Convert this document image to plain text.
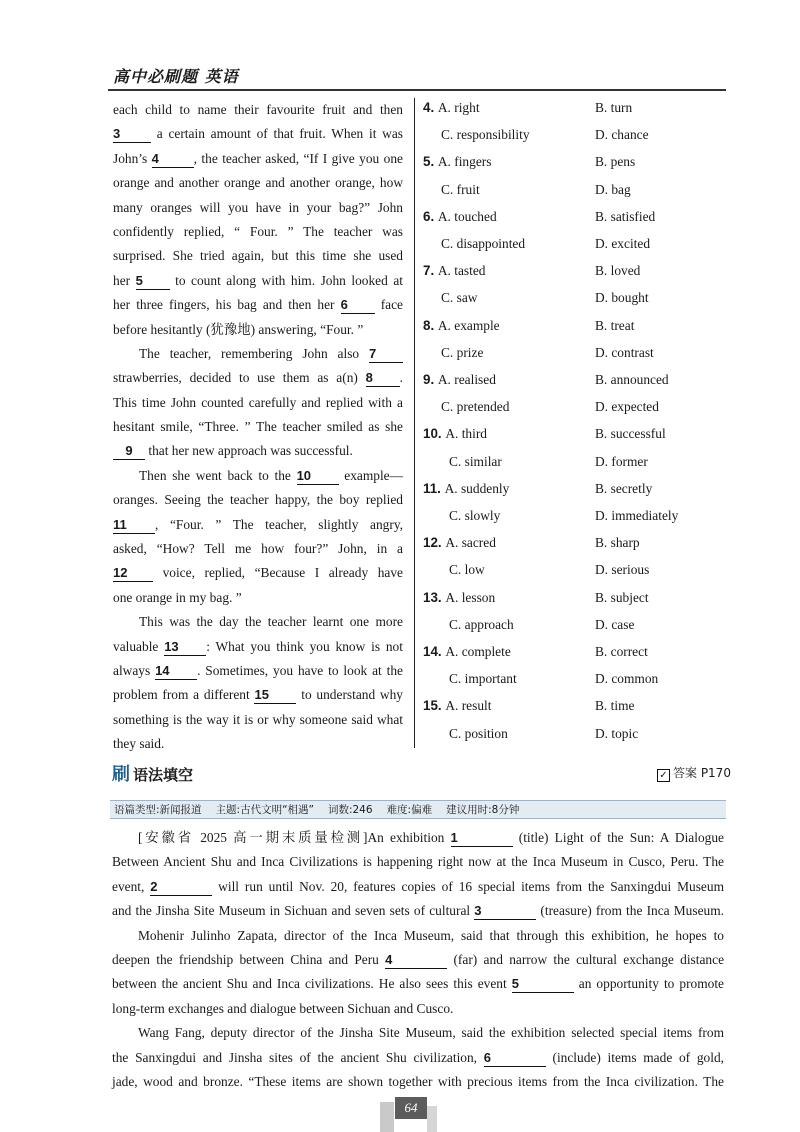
高中必刷题 英语
each child to name their favourite fruit and then
3 a certain amount of that fruit. When it was
John’s 4	, the teacher asked, “If I give you one
orange and another orange and another orange, how
many oranges will you have in your bag?” John
confidently replied, “ Four. ” The teacher was
surprised. She tried again, but this time she used
her 5 to count along with him. John looked at
her three fingers, his bag and then her 6 face
before hesitantly (犹豫地) answering, “Four. ”
The teacher, remembering John also 7
strawberries, decided to use them as a(n) 8 .
This time John counted carefully and replied with a
hesitant smile, “Three. ” The teacher smiled as she
9 that her new approach was successful.
Then she went back to the 10 example—
oranges. Seeing the teacher happy, the boy replied
11 , “Four. ” The teacher, slightly angry,
asked, “How? Tell me how four?” John, in a
12 voice, replied, “Because I already have
one orange in my bag. ”
This was the day the teacher learnt one more
valuable 13 : What you think you know is not
always 14 . Sometimes, you have to look at the
problem from a different 15 to understand why
something is the way it is or why someone said what
they said.
4. A. right	B. turn
C. responsibility	D. chance
5. A. fingers	B. pens
C. fruit	D. bag
6. A. touched	B. satisfied
C. disappointed	D. excited
7. A. tasted	B. loved
C. saw	D. bought
8. A. example	B. treat
C. prize	D. contrast
9. A. realised	B. announced
C. pretended	D. expected
10. A. third	B. successful
C. similar	D. former
11. A. suddenly	B. secretly
C. slowly	D. immediately
12. A. sacred	B. sharp
C. low	D. serious
13. A. lesson	B. subject
C. approach	D. case
14. A. complete	B. correct
C. important	D. common
15. A. result	B. time
C. position	D. topic
刷 语法填空	✓ 答案 P170
语篇类型:新闻报道 主题:古代文明“相遇” 词数:246 难度:偏难 建议用时:8分钟
[安徽省 2025 高一期末质量检测]An exhibition 1	(title) Light of the Sun: A Dialogue
Between Ancient Shu and Inca Civilizations is happening right now at the Inca Museum in Cusco, Peru. The
event, 2	will run until Nov. 20, features copies of 16 special items from the Sanxingdui Museum
and the Jinsha Site Museum in Sichuan and seven sets of cultural 3	(treasure) from the Inca Museum.
Mohenir Julinho Zapata, director of the Inca Museum, said that through this exhibition, he hopes to
deepen the friendship between China and Peru 4	(far) and narrow the cultural exchange distance
between the ancient Shu and Inca civilizations. He also sees this event 5	an opportunity to promote
long-term exchanges and dialogue between Sichuan and Cusco.
Wang Fang, deputy director of the Jinsha Site Museum, said the exhibition selected special items from
the Sanxingdui and Jinsha sites of the ancient Shu civilization, 6	(include) items made of gold,
jade, wood and bronze. “These items are shown together with precious items from the Inca civilization. The
64
